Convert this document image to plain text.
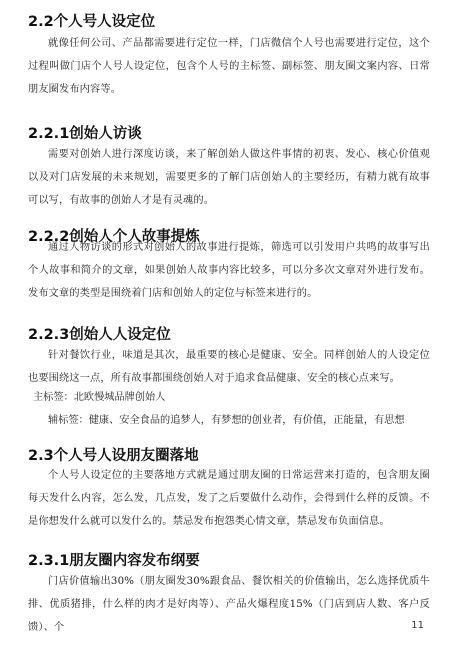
2.2个人号人设定位
就像任何公司、产品都需要进行定位一样，门店微信个人号也需要进行定位，这个过程叫做门店个人号人设定位，包含个人号的主标签、副标签、朋友圈文案内容、日常朋友圈发布内容等。
2.2.1创始人访谈
需要对创始人进行深度访谈，来了解创始人做这件事情的初衷、发心、核心价值观以及对门店发展的未来规划，需要更多的了解门店创始人的主要经历，有精力就有故事可以写，有故事的创始人才是有灵魂的。
2.2.2创始人个人故事提炼
通过人物访谈的形式对创始人的故事进行提炼，筛选可以引发用户共鸣的故事写出个人故事和简介的文章，如果创始人故事内容比较多，可以分多次文章对外进行发布。发布文章的类型是围绕着门店和创始人的定位与标签来进行的。
2.2.3创始人人设定位
针对餐饮行业，味道是其次，最重要的核心是健康、安全。同样创始人的人设定位也要围绕这一点，所有故事都围绕创始人对于追求食品健康、安全的核心点来写。
主标签：北欧慢城品牌创始人
辅标签：健康、安全食品的追梦人，有梦想的创业者，有价值，正能量，有思想
2.3个人号人设朋友圈落地
个人号人设定位的主要落地方式就是通过朋友圈的日常运营来打造的，包含朋友圈每天发什么内容，怎么发，几点发，发了之后要做什么动作，会得到什么样的反馈。不是你想发什么就可以发什么的。禁忌发布抱怨类心情文章，禁忌发布负面信息。
2.3.1朋友圈内容发布纲要
门店价值输出30%（朋友圈发30%跟食品、餐饮相关的价值输出，怎么选择优质牛排、优质猪排，什么样的肉才是好肉等）、产品火爆程度15%（门店到店人数、客户反馈）、个	11
